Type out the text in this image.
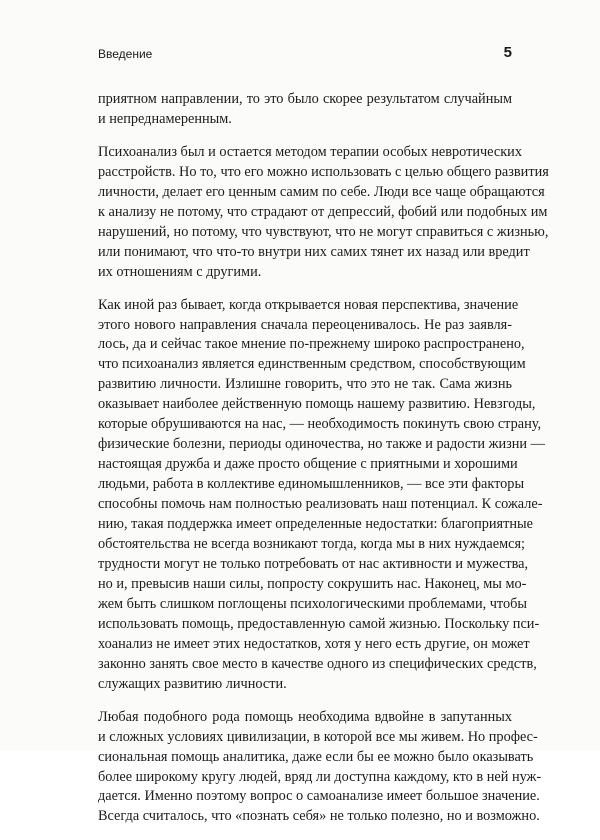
Введение	5

приятном направлении, то это было скорее результатом случайным
и непреднамеренным.

Психоанализ был и остается методом терапии особых невротических
расстройств. Но то, что его можно использовать с целью общего развития
личности, делает его ценным самим по себе. Люди все чаще обращаются
к анализу не потому, что страдают от депрессий, фобий или подобных им
нарушений, но потому, что чувствуют, что не могут справиться с жизнью,
или понимают, что что-то внутри них самих тянет их назад или вредит
их отношениям с другими.

Как иной раз бывает, когда открывается новая перспектива, значение
этого нового направления сначала переоценивалось. Не раз заявля-
лось, да и сейчас такое мнение по-прежнему широко распространено,
что психоанализ является единственным средством, способствующим
развитию личности. Излишне говорить, что это не так. Сама жизнь
оказывает наиболее действенную помощь нашему развитию. Невзгоды,
которые обрушиваются на нас, — необходимость покинуть свою страну,
физические болезни, периоды одиночества, но также и радости жизни —
настоящая дружба и даже просто общение с приятными и хорошими
людьми, работа в коллективе единомышленников, — все эти факторы
способны помочь нам полностью реализовать наш потенциал. К сожале-
нию, такая поддержка имеет определенные недостатки: благоприятные
обстоятельства не всегда возникают тогда, когда мы в них нуждаемся;
трудности могут не только потребовать от нас активности и мужества,
но и, превысив наши силы, попросту сокрушить нас. Наконец, мы мо-
жем быть слишком поглощены психологическими проблемами, чтобы
использовать помощь, предоставленную самой жизнью. Поскольку пси-
хоанализ не имеет этих недостатков, хотя у него есть другие, он может
законно занять свое место в качестве одного из специфических средств,
служащих развитию личности.

Любая подобного рода помощь необходима вдвойне в запутанных
и сложных условиях цивилизации, в которой все мы живем. Но профес-
сиональная помощь аналитика, даже если бы ее можно было оказывать
более широкому кругу людей, вряд ли доступна каждому, кто в ней нуж-
дается. Именно поэтому вопрос о самоанализе имеет большое значение.
Всегда считалось, что «познать себя» не только полезно, но и возможно.
